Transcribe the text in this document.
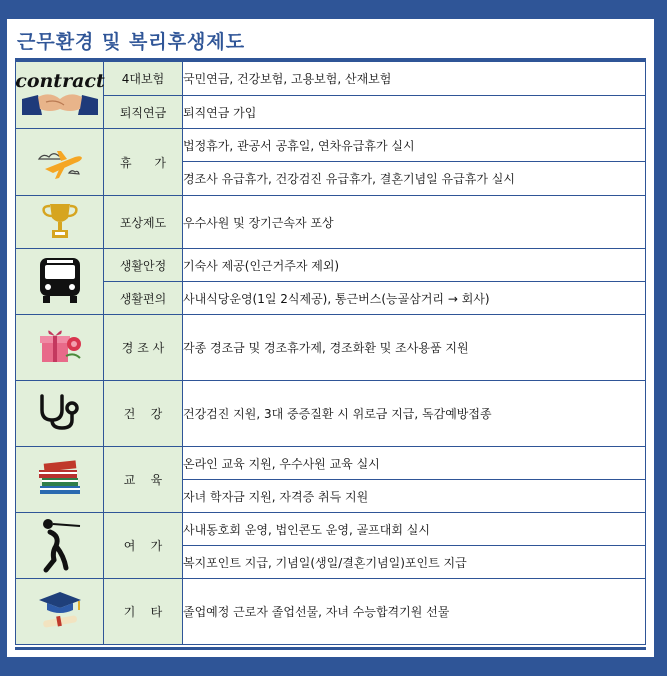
근무환경 및 복리후생제도
contract	4대보험	국민연금, 건강보험, 고용보험, 산재보험
	퇴직연금	퇴직연금 가입
	휴      가	법정휴가, 관공서 공휴일, 연차유급휴가 실시
		경조사 유급휴가, 건강검진 유급휴가, 결혼기념일 유급휴가 실시
	포상제도	우수사원 및 장기근속자 포상
	생활안정	기숙사 제공(인근거주자 제외)
	생활편의	사내식당운영(1일 2식제공), 통근버스(능골삼거리 → 회사)
	경 조 사	각종 경조금 및 경조휴가제, 경조화환 및 조사용품 지원
	건    강	건강검진 지원, 3대 중증질환 시 위로금 지급, 독감예방접종
	교    육	온라인 교육 지원, 우수사원 교육 실시
		자녀 학자금 지원, 자격증 취득 지원
	여    가	사내동호회 운영, 법인콘도 운영, 골프대회 실시
		복지포인트 지급, 기념일(생일/결혼기념일)포인트 지급
	기    타	졸업예정 근로자 졸업선물, 자녀 수능합격기원 선물
